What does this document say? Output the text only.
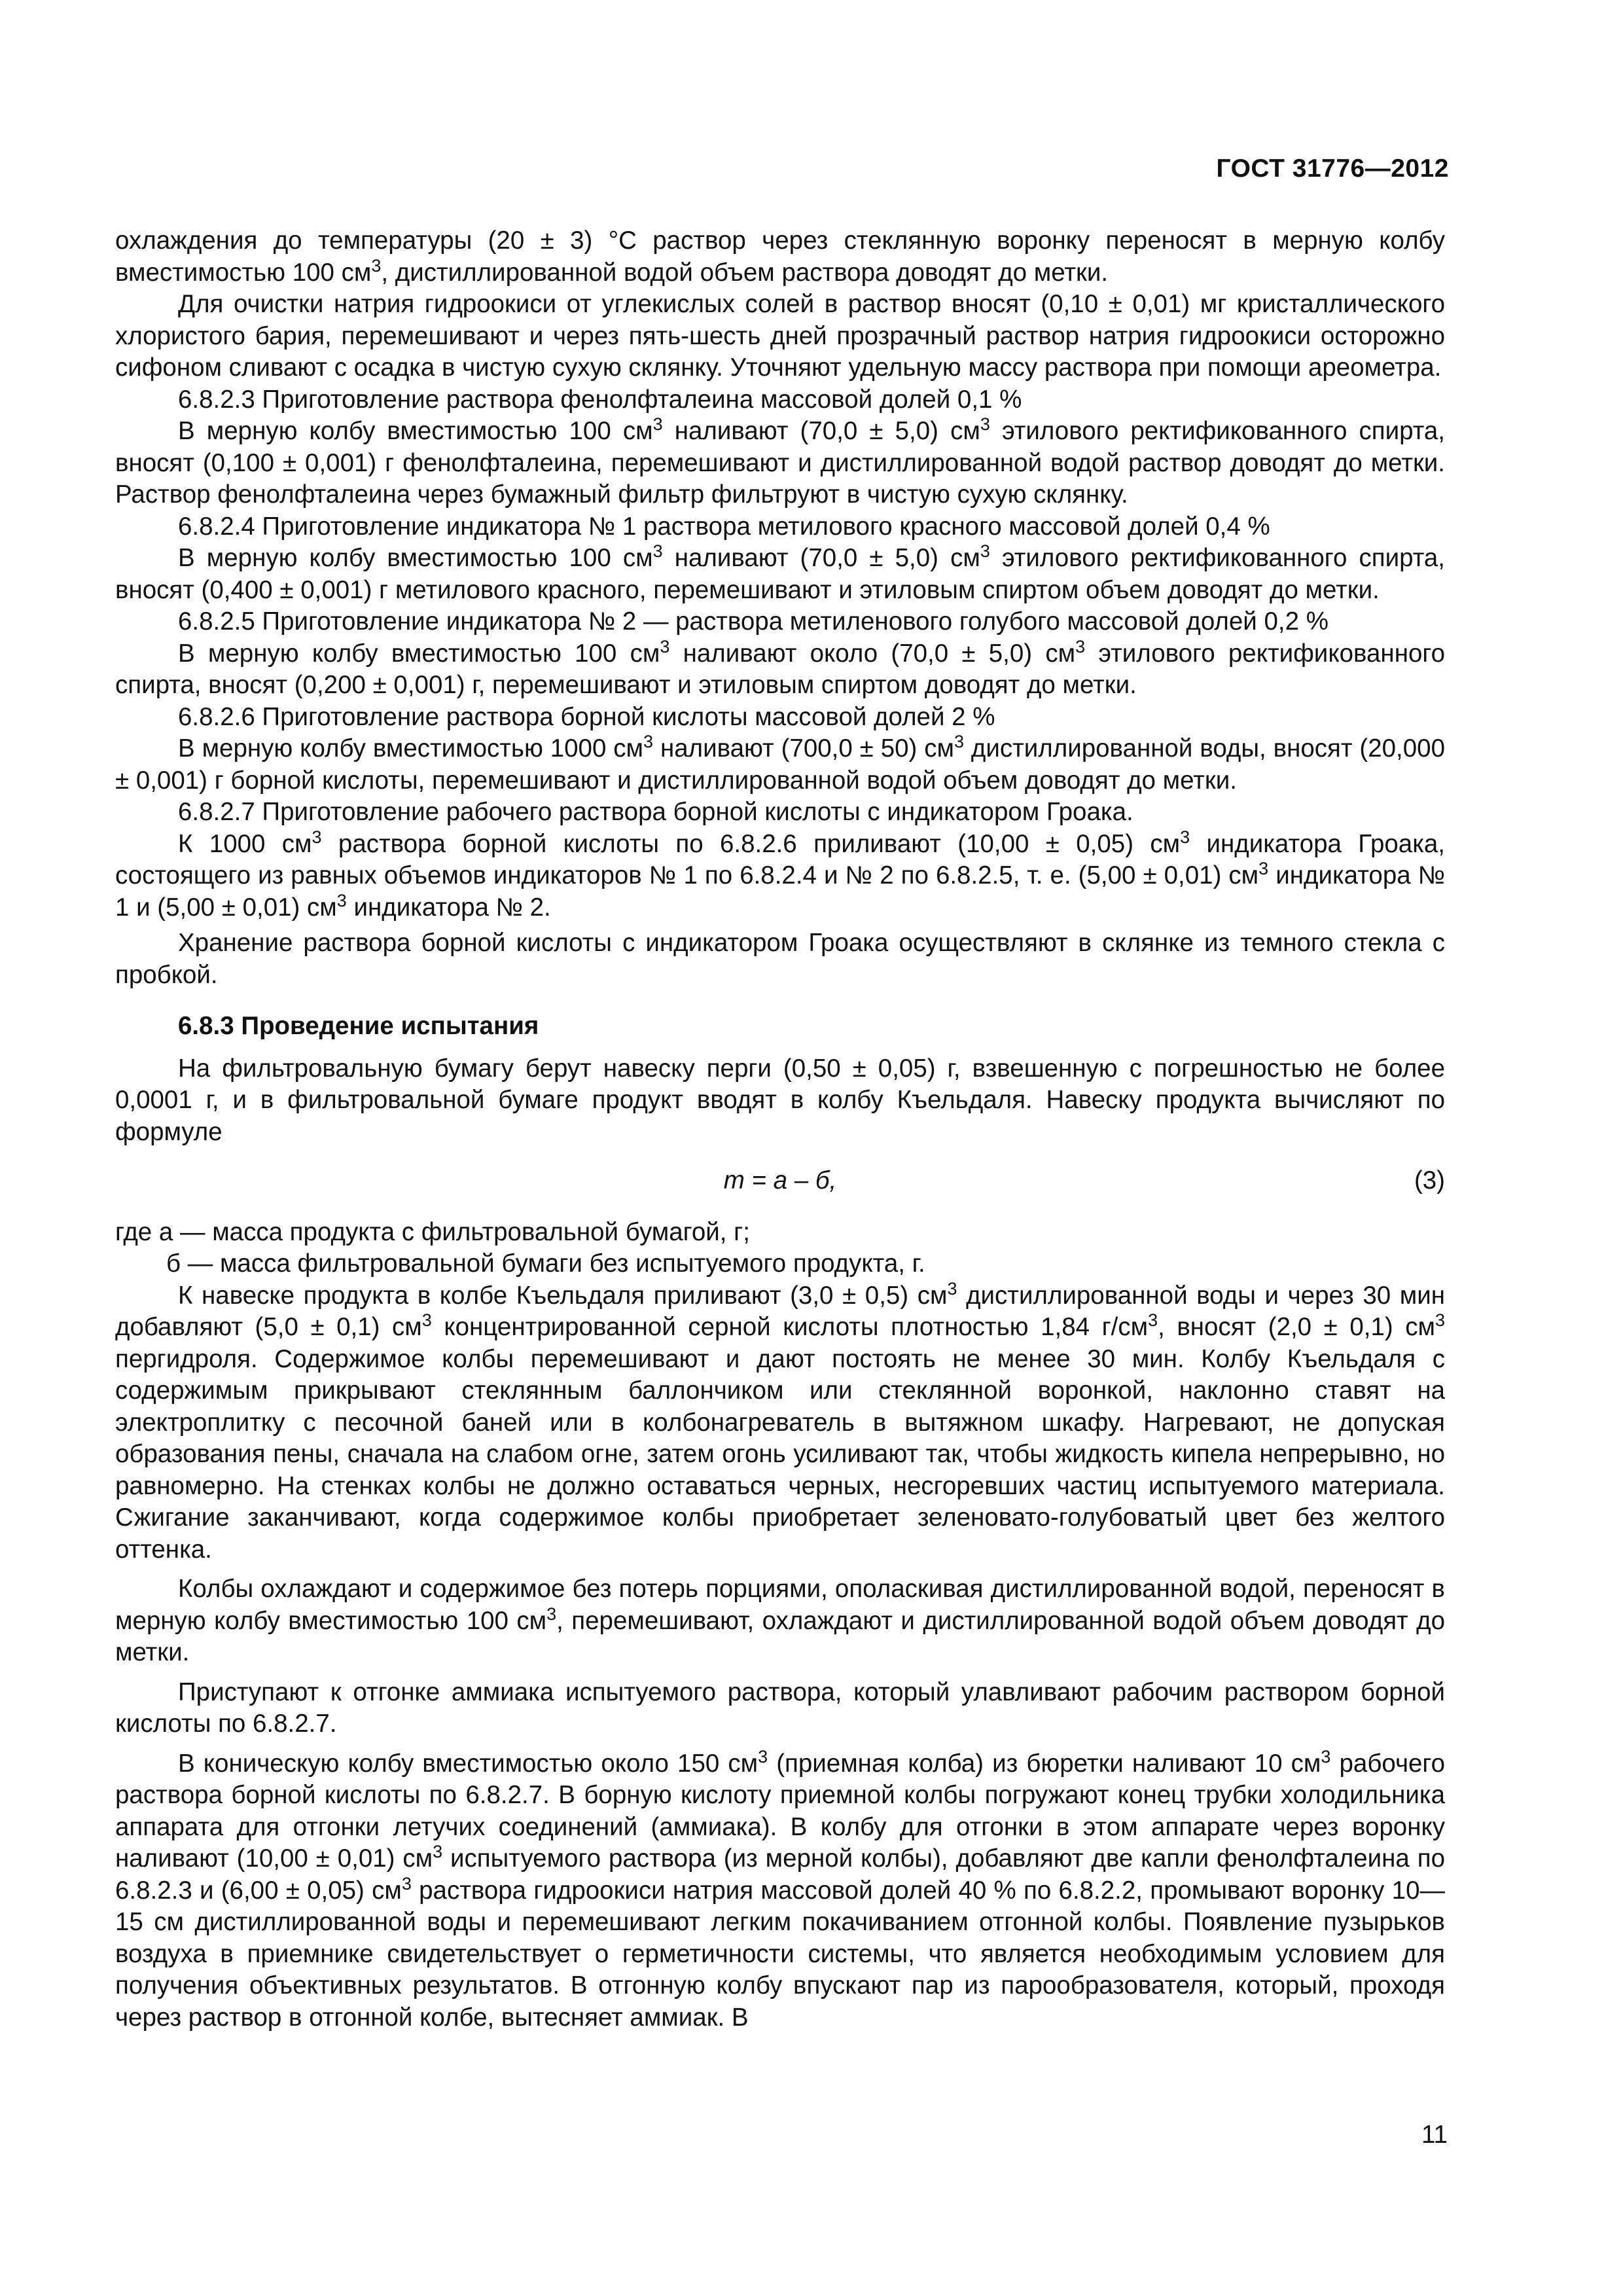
ГОСТ 31776—2012

охлаждения до температуры (20 ± 3) °С раствор через стеклянную воронку переносят в мерную колбу вместимостью 100 $см^3$, дистиллированной водой объем раствора доводят до метки.

Для очистки натрия гидроокиси от углекислых солей в раствор вносят (0,10 ± 0,01) мг кристаллического хлористого бария, перемешивают и через пять-шесть дней прозрачный раствор натрия гидроокиси осторожно сифоном сливают с осадка в чистую сухую склянку. Уточняют удельную массу раствора при помощи ареометра.

6.8.2.3 Приготовление раствора фенолфталеина массовой долей 0,1 %

В мерную колбу вместимостью 100 $см^3$ наливают (70,0 ± 5,0) $см^3$ этилового ректификованного спирта, вносят (0,100 ± 0,001) г фенолфталеина, перемешивают и дистиллированной водой раствор доводят до метки. Раствор фенолфталеина через бумажный фильтр фильтруют в чистую сухую склянку.

6.8.2.4 Приготовление индикатора № 1 раствора метилового красного массовой долей 0,4 %

В мерную колбу вместимостью 100 $см^3$ наливают (70,0 ± 5,0) $см^3$ этилового ректификованного спирта, вносят (0,400 ± 0,001) г метилового красного, перемешивают и этиловым спиртом объем доводят до метки.

6.8.2.5 Приготовление индикатора № 2 — раствора метиленового голубого массовой долей 0,2 %

В мерную колбу вместимостью 100 $см^3$ наливают около (70,0 ± 5,0) $см^3$ этилового ректификованного спирта, вносят (0,200 ± 0,001) г, перемешивают и этиловым спиртом доводят до метки.

6.8.2.6 Приготовление раствора борной кислоты массовой долей 2 %

В мерную колбу вместимостью 1000 $см^3$ наливают (700,0 ± 50) $см^3$ дистиллированной воды, вносят (20,000 ± 0,001) г борной кислоты, перемешивают и дистиллированной водой объем доводят до метки.

6.8.2.7 Приготовление рабочего раствора борной кислоты с индикатором Гроака.

К 1000 $см^3$ раствора борной кислоты по 6.8.2.6 приливают (10,00 ± 0,05) $см^3$ индикатора Гроака, состоящего из равных объемов индикаторов № 1 по 6.8.2.4 и № 2 по 6.8.2.5, т. е. (5,00 ± 0,01) $см^3$ индикатора № 1 и (5,00 ± 0,01) $см^3$ индикатора № 2.

Хранение раствора борной кислоты с индикатором Гроака осуществляют в склянке из темного стекла с пробкой.

6.8.3 Проведение испытания

На фильтровальную бумагу берут навеску перги (0,50 ± 0,05) г, взвешенную с погрешностью не более 0,0001 г, и в фильтровальной бумаге продукт вводят в колбу Къельдаля. Навеску продукта вычисляют по формуле

m = a – б,	(3)

где a — масса продукта с фильтровальной бумагой, г;

б — масса фильтровальной бумаги без испытуемого продукта, г.

К навеске продукта в колбе Къельдаля приливают (3,0 ± 0,5) $см^3$ дистиллированной воды и через 30 мин добавляют (5,0 ± 0,1) $см^3$ концентрированной серной кислоты плотностью 1,84 $г/см^3$, вносят (2,0 ± 0,1) $см^3$ пергидроля. Содержимое колбы перемешивают и дают постоять не менее 30 мин. Колбу Къельдаля с содержимым прикрывают стеклянным баллончиком или стеклянной воронкой, наклонно ставят на электроплитку с песочной баней или в колбонагреватель в вытяжном шкафу. Нагревают, не допуская образования пены, сначала на слабом огне, затем огонь усиливают так, чтобы жидкость кипела непрерывно, но равномерно. На стенках колбы не должно оставаться черных, несгоревших частиц испытуемого материала. Сжигание заканчивают, когда содержимое колбы приобретает зеленовато-голубоватый цвет без желтого оттенка.

Колбы охлаждают и содержимое без потерь порциями, ополаскивая дистиллированной водой, переносят в мерную колбу вместимостью 100 $см^3$, перемешивают, охлаждают и дистиллированной водой объем доводят до метки.

Приступают к отгонке аммиака испытуемого раствора, который улавливают рабочим раствором борной кислоты по 6.8.2.7.

В коническую колбу вместимостью около 150 $см^3$ (приемная колба) из бюретки наливают 10 $см^3$ рабочего раствора борной кислоты по 6.8.2.7. В борную кислоту приемной колбы погружают конец трубки холодильника аппарата для отгонки летучих соединений (аммиака). В колбу для отгонки в этом аппарате через воронку наливают (10,00 ± 0,01) $см^3$ испытуемого раствора (из мерной колбы), добавляют две капли фенолфталеина по 6.8.2.3 и (6,00 ± 0,05) $см^3$ раствора гидроокиси натрия массовой долей 40 % по 6.8.2.2, промывают воронку 10—15 см дистиллированной воды и перемешивают легким покачиванием отгонной колбы. Появление пузырьков воздуха в приемнике свидетельствует о герметичности системы, что является необходимым условием для получения объективных результатов. В отгонную колбу впускают пар из парообразователя, который, проходя через раствор в отгонной колбе, вытесняет аммиак. В

11
